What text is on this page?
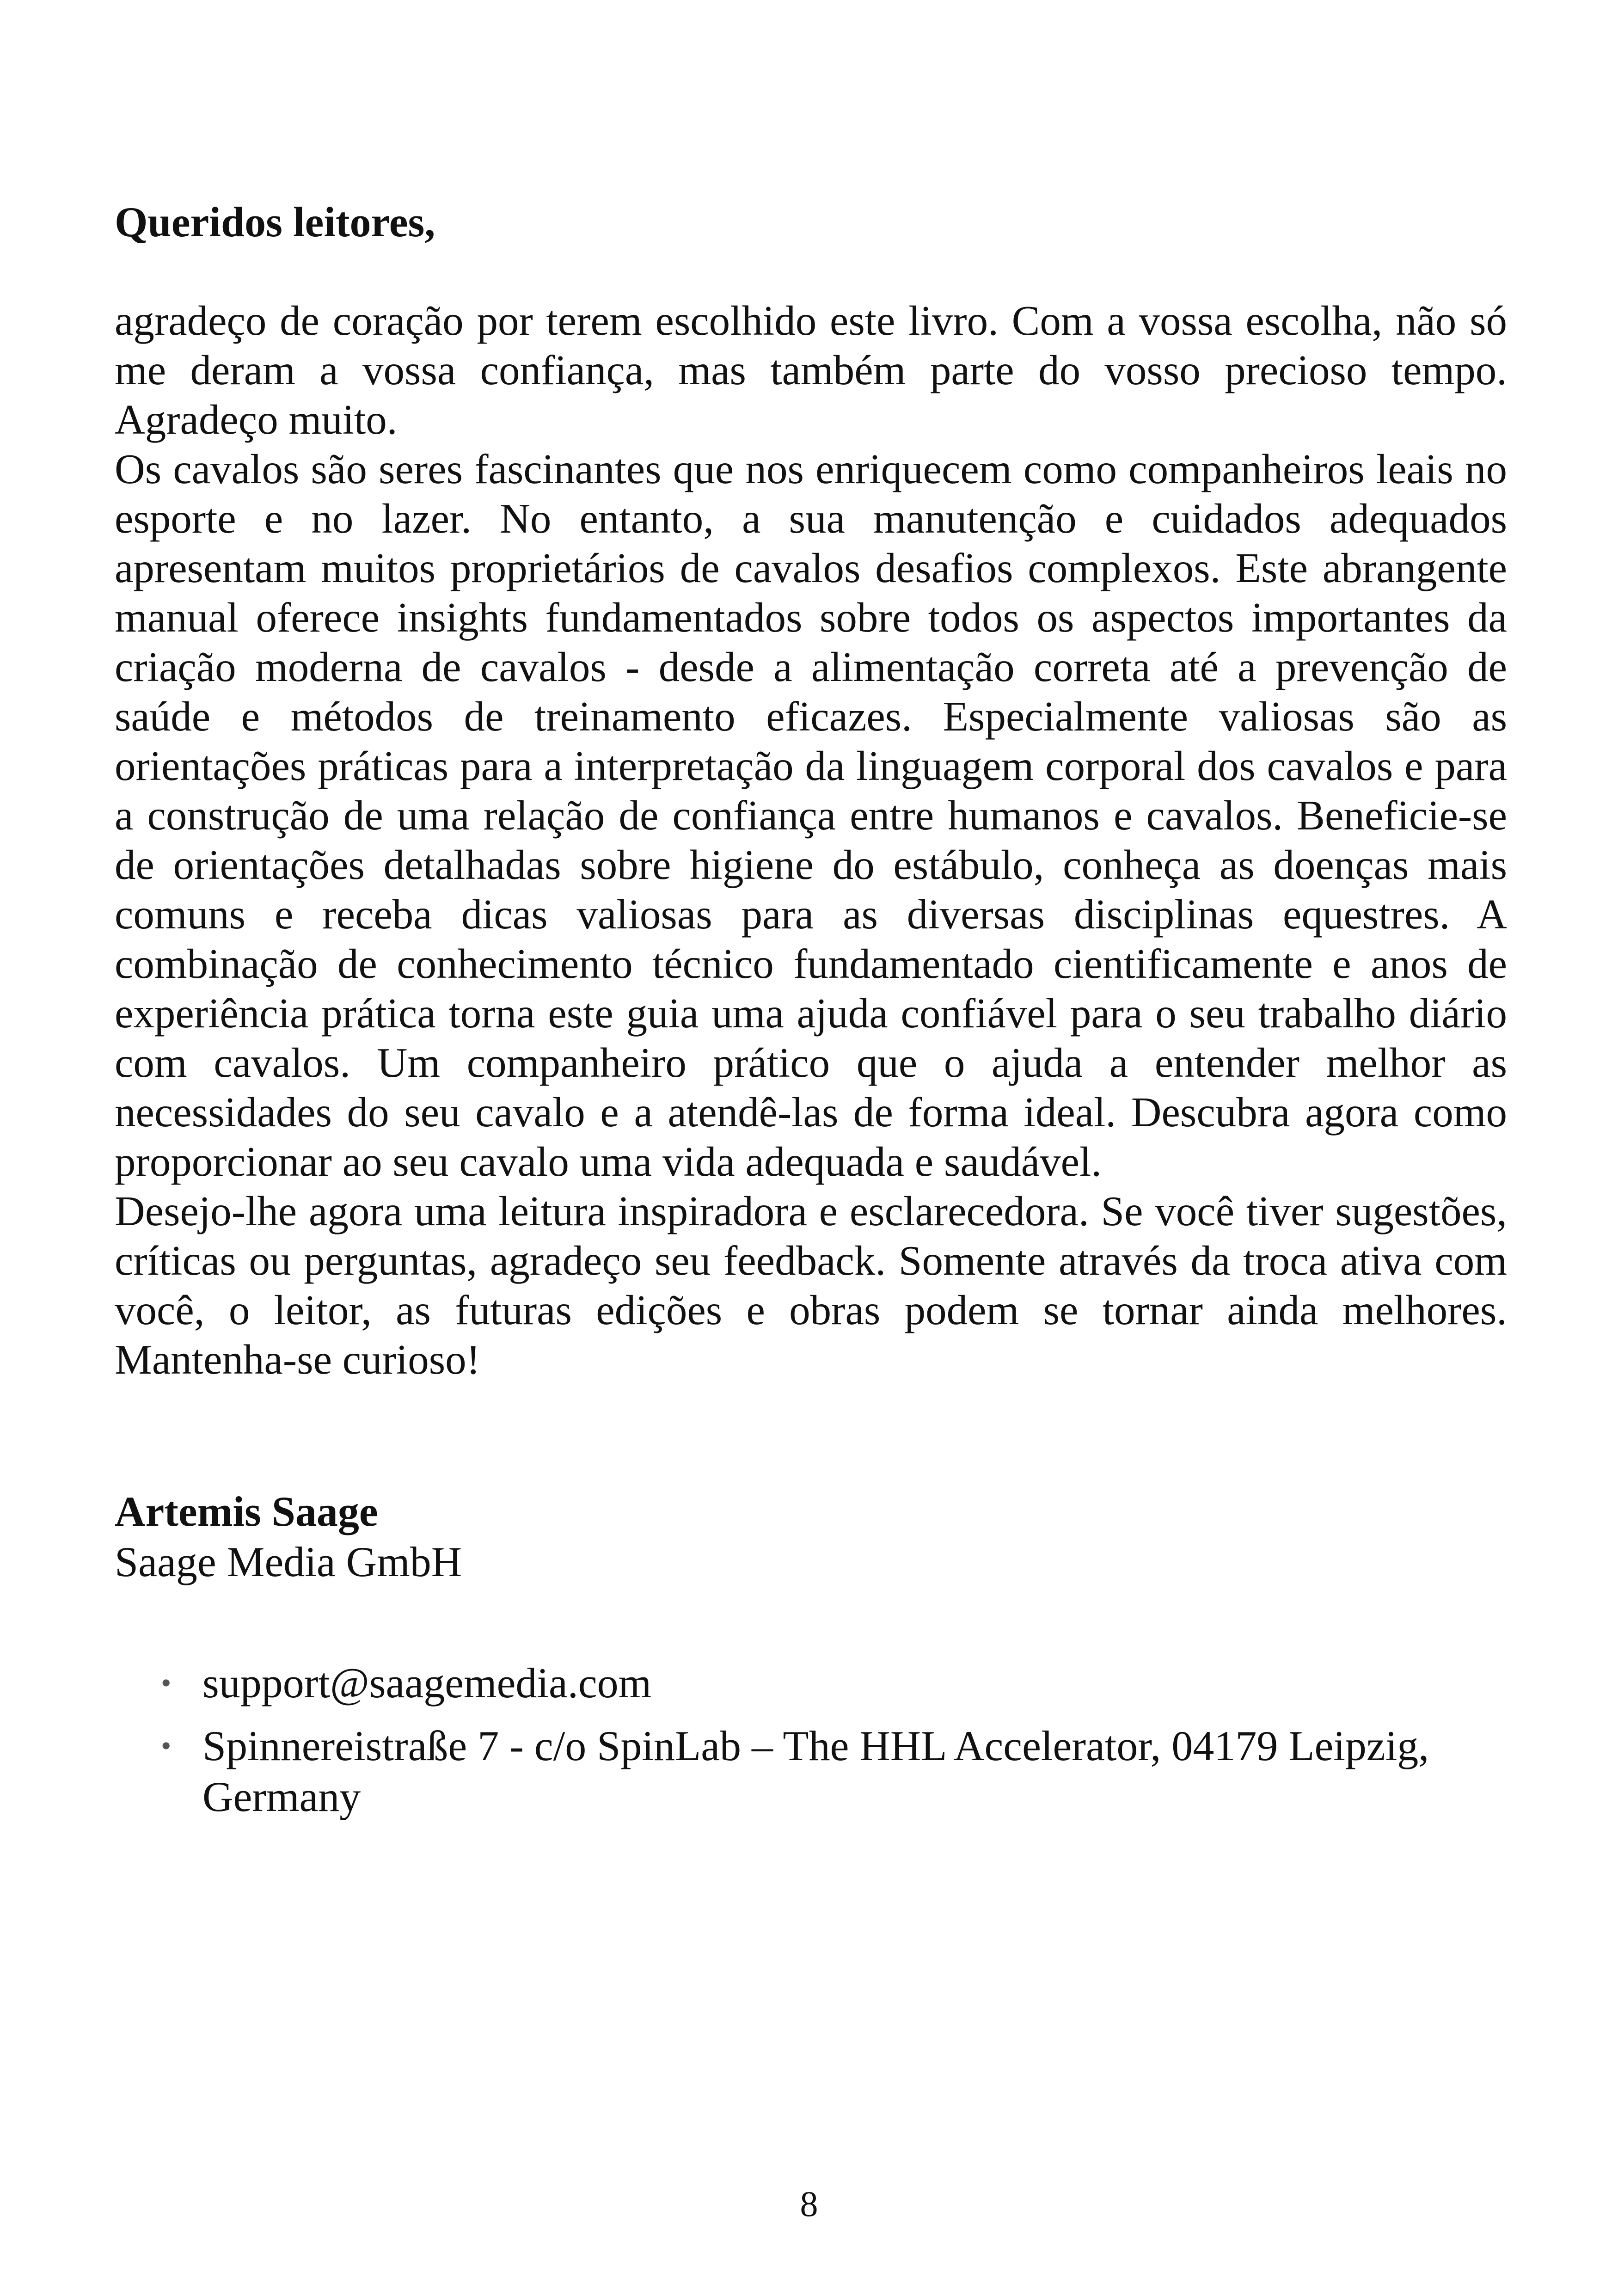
Queridos leitores,

agradeço de coração por terem escolhido este livro. Com a vossa escolha, não só me deram a vossa confiança, mas também parte do vosso precioso tempo. Agradeço muito.

Os cavalos são seres fascinantes que nos enriquecem como companheiros leais no esporte e no lazer. No entanto, a sua manutenção e cuidados adequados apresentam muitos proprietários de cavalos desafios complexos. Este abrangente manual oferece insights fundamentados sobre todos os aspectos importantes da criação moderna de cavalos - desde a alimentação correta até a prevenção de saúde e métodos de treinamento eficazes. Especialmente valiosas são as orientações práticas para a interpretação da linguagem corporal dos cavalos e para a construção de uma relação de confiança entre humanos e cavalos. Beneficie-se de orientações detalhadas sobre higiene do estábulo, conheça as doenças mais comuns e receba dicas valiosas para as diversas disciplinas equestres. A combinação de conhecimento técnico fundamentado cientificamente e anos de experiência prática torna este guia uma ajuda confiável para o seu trabalho diário com cavalos. Um companheiro prático que o ajuda a entender melhor as necessidades do seu cavalo e a atendê-las de forma ideal. Descubra agora como proporcionar ao seu cavalo uma vida adequada e saudável.

Desejo-lhe agora uma leitura inspiradora e esclarecedora. Se você tiver sugestões, críticas ou perguntas, agradeço seu feedback. Somente através da troca ativa com você, o leitor, as futuras edições e obras podem se tornar ainda melhores. Mantenha-se curioso!

Artemis Saage
Saage Media GmbH
• support@saagemedia.com
• Spinnereistraße 7 - c/o SpinLab – The HHL Accelerator, 04179 Leipzig, Germany
8
